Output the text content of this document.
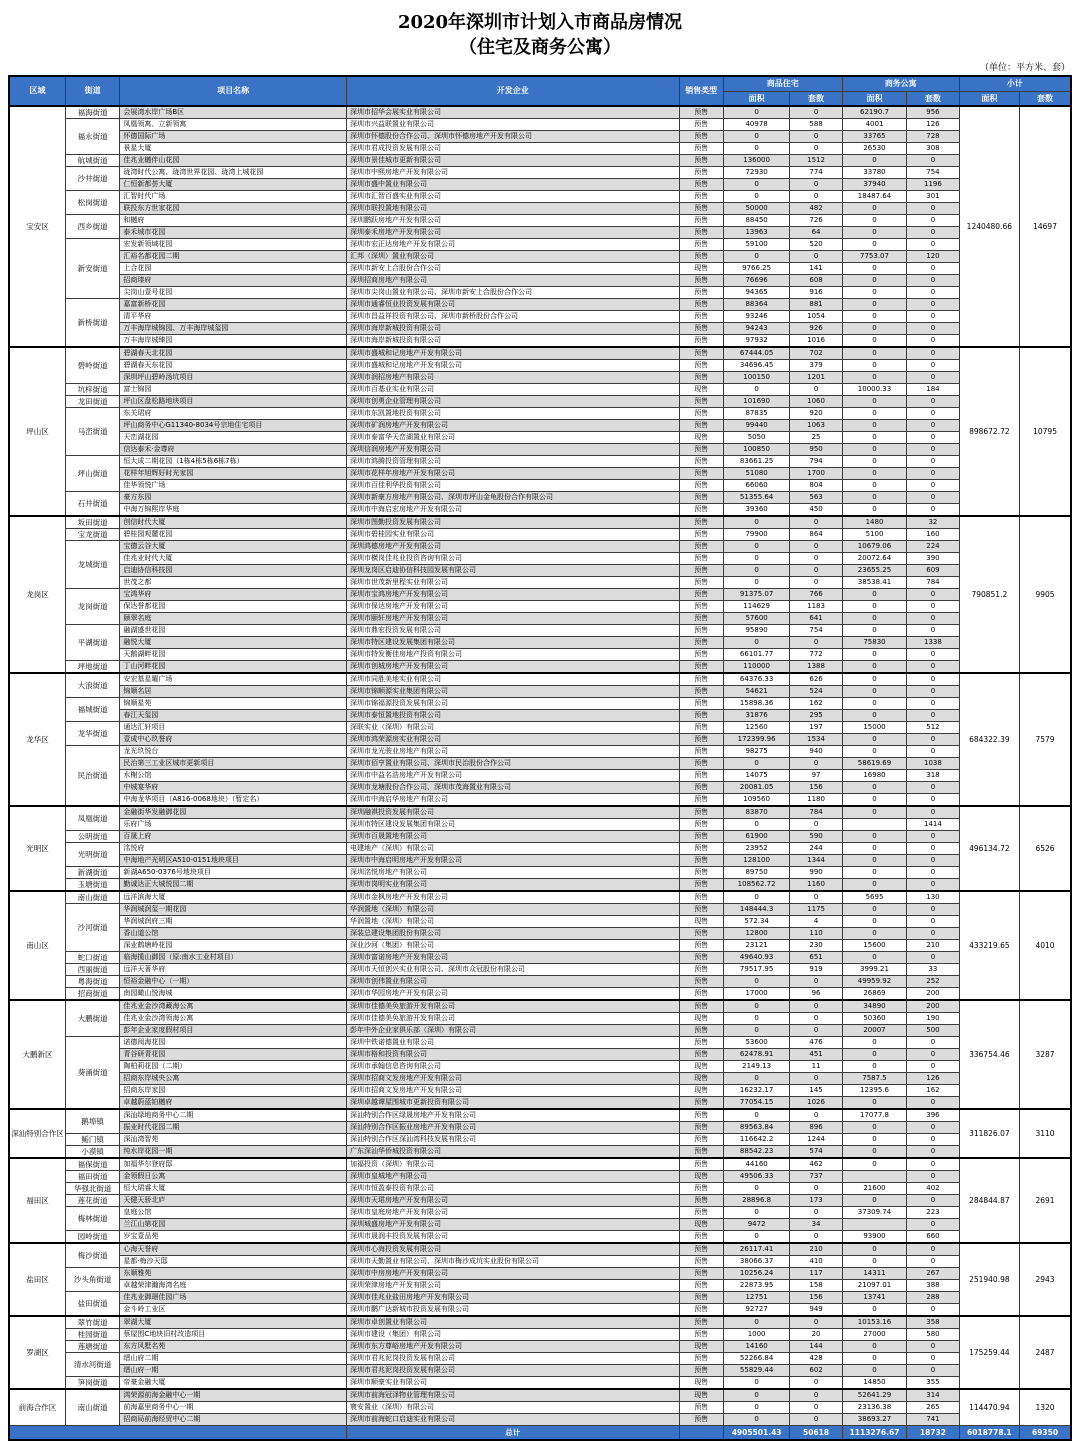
2020年深圳市计划入市商品房情况
（住宅及商务公寓）
（单位：平方米、套）
区域	街道	项目名称	开发企业	销售类型	商品住宅		商务公寓		小计	
					面积	套数	面积	套数	面积	套数
宝安区	福海街道	会展湾水岸广场B区	深圳市招华会展实业有限公司	预售	0	0	62190.7	956	1240480.66	14697
	福永街道	凤凰领寓、立新领寓	深圳市兴益联置业有限公司	预售	40978	588	4001	126		
		怀德国际广场	深圳市怀德股份合作公司、深圳市怀德房地产开发有限公司	预售	0	0	33765	728		
		景星大厦	深圳市君成投资发展有限公司	预售	0	0	26530	308		
	航城街道	佳兆业樾伴山花园	深圳市景佳城市更新有限公司	预售	136000	1512	0	0		
	沙井街道	珑湾时代公寓、珑湾世界花园、珑湾上城花园	深圳市中熙房地产开发有限公司	预售	72930	774	33780	754		
		仁恒新都荟大厦	深圳市盛中置业有限公司	预售	0	0	37940	1196		
	松岗街道	汇智时代广场	深圳市汇智百盛实业有限公司	预售	0	0	18487.64	301		
		联投东方世家花园	深圳市联投置地有限公司	预售	50000	482	0	0		
	西乡街道	和樾府	深圳鹏跃房地产开发有限公司	预售	88450	726	0	0		
		泰禾城市花园	深圳泰禾房地产开发有限公司	预售	13963	64	0	0		
	新安街道	宏发新领域花园	深圳市宏正达房地产开发有限公司	预售	59100	520	0	0		
		汇裕名都花园二期	汇邦（深圳）置业有限公司	预售	0	0	7753.07	120		
		上合花园	深圳市新安上合股份合作公司	现售	9766.25	141	0	0		
		招商瑧府	深圳招商房地产有限公司	预售	76696	608	0	0		
		尖岗山壹号花园	深圳市尖岗山置业有限公司、深圳市新安上合股份合作公司	预售	94365	916	0	0		
	新桥街道	嘉富新桥花园	深圳市通睿恒业投资发展有限公司	预售	88364	881	0	0		
		清平华府	深圳市昌益祥投资有限公司、深圳市新桥股份合作公司	预售	93246	1054	0	0		
		万丰海岸城锦园、万丰海岸城玺园	深圳市海岸新城投资有限公司	预售	94243	926	0	0		
		万丰海岸城臻园	深圳市海岸新城投资有限公司	预售	97932	1016	0	0		
坪山区	碧岭街道	碧湖春天北花园	深圳市盛城和记房地产开发有限公司	预售	67444.05	702	0	0	898672.72	10795
		碧湖春天东花园	深圳市盛城和记房地产开发有限公司	预售	34696.45	379	0	0		
		深圳坪山碧岭汤坑项目	深圳市润招房地产有限公司	预售	100150	1201	0	0		
	坑梓街道	富士锦园	深圳市百基业实业有限公司	现售	0	0	10000.33	184		
	龙田街道	坪山区盘松路地块项目	深圳市创勇企业管理有限公司	预售	101690	1060	0	0		
	马峦街道	东关珺府	深圳市东凯置地投资有限公司	预售	87835	920	0	0		
		坪山商务中心G11340-8034号宗地住宅项目	深圳市矿润房地产开发有限公司	预售	99440	1063	0	0		
		天峦湖花园	深圳市泰富华天峦湖置业有限公司	现售	5050	25	0	0		
		信达泰禾·金尊府	深圳信润房地产开发有限公司	预售	100850	950	0	0		
	坪山街道	恒大成二期花园（1栋4栋5栋6栋7栋）	深圳市鸿腾投资管理有限公司	预售	83661.25	794	0	0		
		花样年旭辉好时光家园	深圳市花样年房地产开发有限公司	预售	51080	1700	0	0		
		佳华领悦广场	深圳市百佳利华投资有限公司	预售	66060	804	0	0		
	石井街道	豪方东园	深圳市新豪方房地产有限公司、深圳市坪山金龟股份合作有限公司	预售	51355.64	563	0	0		
		中海万锦熙岸华庭	深圳市中海启宏房地产开发有限公司	预售	39360	450	0	0		
龙岗区	坂田街道	创信时代大厦	深圳市图勤投资发展有限公司	预售	0	0	1480	32	790851.2	9905
	宝龙街道	碧桂园观麓花园	深圳市碧桂园实业有限公司	预售	79900	864	5100	160		
	龙城街道	宝德云谷大厦	深圳鸿德房地产开发有限公司	预售	0	0	10679.06	224		
		佳兆业时代大厦	深圳市横岗佳兆业投资咨询有限公司	预售	0	0	20072.64	390		
		启迪协信科技园	深圳龙岗区启迪协信科技园发展有限公司	预售	0	0	23655.25	609		
		世茂之都	深圳市世茂新里程实业有限公司	预售	0	0	38538.41	784		
	龙岗街道	宝鸿华府	深圳市宝鸿房地产开发有限公司	预售	91375.07	766	0	0		
		保达誉都花园	深圳市保达房地产开发有限公司	预售	114629	1183	0	0		
		颐翠名庭	深圳市颐轩房地产开发有限公司	预售	57600	641	0	0		
	平湖街道	融湖盛世花园	深圳市鼎宏投资发展有限公司	预售	95890	754	0	0		
		融悦大厦	深圳市特区建设发展集团有限公司	预售	0	0	75830	1338		
		天鹅湖畔花园	深圳市特发衡佳房地产投资有限公司	预售	66101.77	772	0	0		
	坪地街道	丁山河畔花园	深圳市创城房地产开发有限公司	预售	110000	1388	0	0		
龙华区	大浪街道	安宏基星曜广场	深圳市同胜美地实业有限公司	预售	64376.33	626	0	0	684322.39	7579
		锦顺名居	深圳市锦顺源实业集团有限公司	预售	54621	524	0	0		
	福城街道	锦顺星苑	深圳市锦福源投资发展有限公司	预售	15898.36	162	0	0		
		春江天玺园	深圳市泰恒置地投资有限公司	预售	31876	295	0	0		
	龙华街道	通达汇轩项目	深联实业（深圳）有限公司	预售	12560	197	15000	512		
		壹成中心玖誉府	深圳市鸿荣源房实业有限公司	预售	172399.96	1534	0	0		
	民治街道	龙光玖悦台	深圳市龙光骏业房地产有限公司	预售	98275	940	0	0		
		民治第三工业区城市更新项目	深圳市佰亨置业有限公司、深圳市民治股份合作公司	预售	0	0	58619.69	1038		
		水榭公馆	深圳市中益名浩房地产开发有限公司	预售	14075	97	16980	318		
		中城宴华府	深圳市龙塘股份合作公司、深圳市茂海置业有限公司	预售	20081.05	156	0	0		
		中海龙华项目（A816-0068地块）（暂定名）	深圳市中海启华房地产有限公司	预售	109560	1180	0	0		
光明区	凤凰街道	金融街华发融御花园	深圳融祺投资发展有限公司	预售	83870	784	0	0	496134.72	6526
		乐府广场	深圳市特区建设发展集团有限公司	预售	0	0		1414		
	公明街道	百晟上府	深圳市百晟置地有限公司	预售	61900	590	0	0		
	光明街道	洺悦府	电建地产（深圳）有限公司	预售	23952	244	0	0		
		中海地产光明区A510-0151地块项目	深圳市中海启明房地产开发有限公司	预售	128100	1344	0	0		
	新湖街道	新湖A650-0376号地块项目	深圳洺悦房地产有限公司	预售	89750	990	0	0		
	玉塘街道	勤诚达正大城悦园二期	深圳市岗明实业有限公司	预售	108562.72	1160	0	0		
南山区	南山街道	远洋滨海大厦	深圳市金枫房地产开发有限公司	预售	0	0	5695	130	433219.65	4010
	沙河街道	华润城润玺一期花园	华润置地（深圳）有限公司	预售	148444.3	1175	0	0		
		华润城润府三期	华润置地（深圳）有限公司	现售	572.34	4	0	0		
		香山道公馆	深装总建设集团股份有限公司	预售	12800	110	0	0		
		深业鹤塘岭花园	深业沙河（集团）有限公司	预售	23121	230	15600	210		
	蛇口街道	临海揽山御园（原:南水工业村项目）	深圳市富诺房地产开发有限公司	预售	49640.93	651	0	0		
	西丽街道	远洋天著华府	深圳市天恒创兴实业有限公司、深圳市众冠股份有限公司	预售	79517.95	919	3999.21	33		
	粤海街道	恒裕金融中心（一期）	深圳市创伟置业有限公司	预售	0	0	49959.92	252		
	招商街道	南园瞰山悦海城	深圳市华园房地产开发有限公司	预售	17000	96	26869	200		
大鹏新区	大鹏街道	佳兆业金沙湾藏海公寓	深圳市佳德美奂旅游开发有限公司	预售	0	0	34890	200	336754.46	3287
		佳兆业金沙湾领海公寓	深圳市佳德美奂旅游开发有限公司	现售	0	0	50360	190		
		彭年企业家度假村项目	彭年中外企业家俱乐部（深圳）有限公司	预售	0	0	20007	500		
	葵涌街道	诺德阅海花园	深圳中铁诺德置业有限公司	预售	53600	476	0	0		
		青谷研青花园	深圳市格和投资有限公司	预售	62478.91	451	0	0		
		陶柏莉花园（二期）	深圳市承翰信息咨询有限公司	现售	2149.13	11	0	0		
		招商东岸城央公寓	深圳市招商文发房地产开发有限公司	现售	0	0	7587.5	126		
		招商东岸家园	深圳市招商文发房地产开发有限公司	现售	16232.17	145	12395.6	162		
		卓越蔚蓝铂樾府	深圳卓越谭屋围城市更新投资有限公司	预售	77054.15	1026	0	0		
深汕特别合作区	鹅埠镇	深汕绿地商务中心二期	深汕特别合作区绿晟房地产开发有限公司	预售	0	0	17077.8	396	311826.07	3110
		振业时代花园二期	深汕特别合作区振业房地产开发有限公司	预售	89563.84	896	0	0		
	鲘门镇	深汕湾智苑	深汕特别合作区深汕湾科技发展有限公司	预售	116642.2	1244	0	0		
	小漠镇	纯水岸花园一期	广东深汕华侨城投资有限公司	预售	88542.23	574	0	0		
福田区	福保街道	加福华尔登府邸	加福投资（深圳）有限公司	预售	44160	462	0	0	284844.87	2691
	福田街道	金领假日公寓	深圳市皇城地产有限公司	现售	49506.33	737		0		
	华强北街道	恒大珺睿大厦	深圳市恒盈泰投资有限公司	预售	0	0	21600	402		
	莲花街道	天健天骄北庐	深圳市天珺房地产开发有限公司	预售	28896.8	173	0	0		
	梅林街道	皇庭公馆	深圳市皇庭房地产开发有限公司	预售	0	0	37309.74	223		
		兰江山第花园	深圳城盛房地产开发有限公司	现售	9472	34		0		
	园岭街道	岁宝壹品苑	深圳市晟润丰投资发展有限公司	预售	0	0	93900	660		
盐田区	梅沙街道	心海天誉府	深圳市心海投资发展有限公司	预售	26117.41	210	0	0	251940.98	2943
		星都·梅沙天邸	深圳市天勤置业有限公司、深圳市梅沙成坑实业股份有限公司	预售	38066.37	410	0	0		
	沙头角街道	东顺雅苑	深圳市中房房地产开发有限公司	预售	10256.24	117	14311	267		
		卓越荣津瀚海湾名庭	深圳荣津房地产开发有限公司	预售	22873.95	158	21097.01	388		
	盐田街道	佳兆业御璟佳园广场	深圳市佳兆业盐田房地产开发有限公司	预售	12751	156	13741	288		
		金斗岭工业区	深圳市鹏广达新城市投资发展有限公司	预售	92727	949	0	0		
罗湖区	翠竹街道	翠湖大厦	深圳市卓创置业有限公司	预售	0	0	10153.16	358	175259.44	2487
	桂园街道	蔡屋围C地块旧村改造项目	深圳市建设（集团）有限公司	预售	1000	20	27000	580		
	莲塘街道	东方风墅名苑	深圳市东方尊峪房地产开发有限公司	现售	14160	144	0	0		
	清水河街道	缙山府二期	深圳市君兆泥岗投资发展有限公司	预售	52266.84	428	0	0		
		缙山府一期	深圳市君兆泥岗投资发展有限公司	预售	55829.44	602	0	0		
	笋岗街道	帝豪金融大厦	深圳市顺豪实业有限公司	现售	0	0	14850	355		
前海合作区	南山街道	鸿荣源前海金融中心一期	深圳市前海冠泽物业管理有限公司	现售	0	0	52641.29	314	114470.94	1320
		前海嘉里商务中心一期	寰安置业（深圳）有限公司	预售	0	0	23136.38	265		
		招商局前海经贸中心二期	深圳市前海蛇口启迪实业有限公司	预售	0	0	38693.27	741		
			总计		4905501.43	50618	1113276.67	18732	6018778.1	69350
